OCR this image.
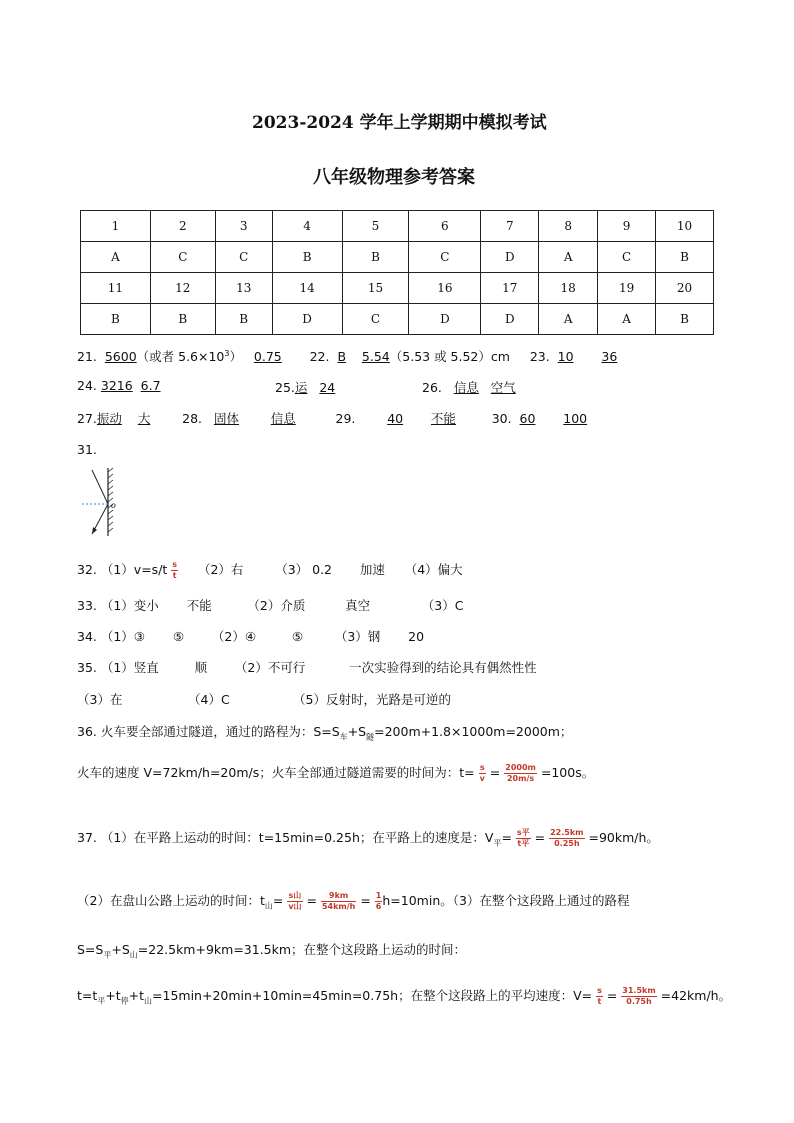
2023-2024 学年上学期期中模拟考试
八年级物理参考答案
1	2	3	4	5	6	7	8	9	10
A	C	C	B	B	C	D	A	C	B
11	12	13	14	15	16	17	18	19	20
B	B	B	D	C	D	D	A	A	B
21. 5600（或者 $5.6\times 10^3$） 0.75 22. B 5.54（5.53 或 5.52）cm 23. 10 36
24. 3216 6.7	25.运 24	26. 信息 空气
27.振动 大	28. 固体	信息	29.	40 不能	30. 60 100
31.
o
32. $(1)v=s/t \frac{s}{t} (2)$右	（3） 0.2 加速 （4）偏大
33. （1）变小 不能	（2）介质	真空	（3）C
34. （1）③ ⑤ （2）④	⑤	（3）钢 20
35. （1）竖直	顺 （2）不可行	一次实验得到的结论具有偶然性性
（3）在	（4）C	（5）反射时，光路是可逆的
36. 火车要全部通过隧道，通过的路程为：$S=S_车+S_隧=200m+1.8\times 1000m=2000m$；
火车的速度 V=72km/h=20m/s；火车全部通过隧道需要的时间为：$t= \frac{s}{v} = \frac{2000m}{20m/s} =100s$。
37. （1）在平路上运动的时间：t=15min=0.25h；在平路上的速度是：$V_平= \frac{\text{s平}}{\text{t平}} = \frac{22.5km}{0.25h} =90km/h$。
（2）在盘山公路上运动的时间：$t_山= \frac{\text{s山}}{\text{v山}} = \frac{9km}{54km/h} = \frac{1}{6} h=10\min$。（3）在整个这段路上通过的路程
$S=S_平+S_山=22.5km+9km=31.5km$；在整个这段路上运动的时间：
$t=t_平+t_停+t_山=15\min+20\min+10\min=45\min=0.75h$；在整个这段路上的平均速度：$V= \frac{s}{t} = \frac{31.5km}{0.75h} =42km/h$。
